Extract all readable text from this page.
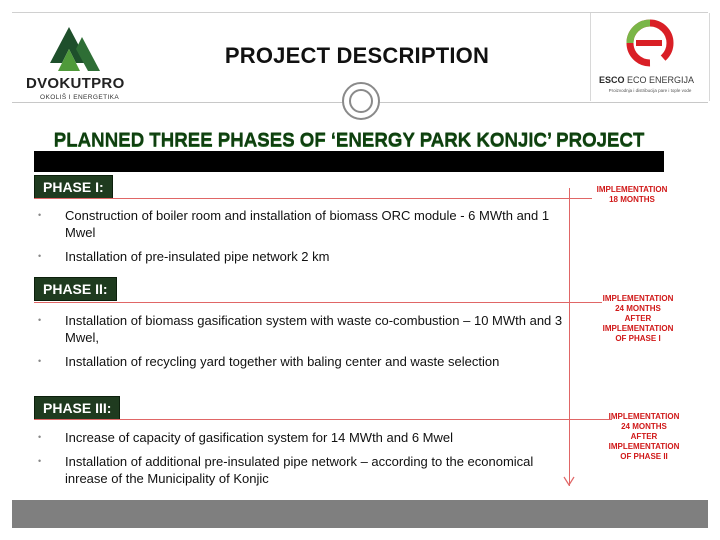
DVOKUTPRO
OKOLIŠ I ENERGETIKA
PROJECT DESCRIPTION
ESCO ECO ENERGIJA
Proizvodnja i distribucija pare i tople vode
PLANNED THREE PHASES OF ‘ENERGY PARK KONJIC’ PROJECT
PHASE I:
• Construction of boiler room and installation of biomass ORC module - 6 MWth and 1 Mwel
• Installation of pre-insulated pipe network 2 km
IMPLEMENTATION
18 MONTHS
PHASE II:
• Installation of biomass gasification system with waste co-combustion – 10 MWth and 3 Mwel,
• Installation of recycling yard together with baling center and waste selection
IMPLEMENTATION
24 MONTHS
AFTER
IMPLEMENTATION
OF PHASE I
PHASE III:
• Increase of capacity of gasification system for 14 MWth and 6 Mwel
• Installation of additional pre-insulated pipe network – according to the economical inrease of the Municipality of Konjic
IMPLEMENTATION
24 MONTHS
AFTER
IMPLEMENTATION
OF PHASE II
